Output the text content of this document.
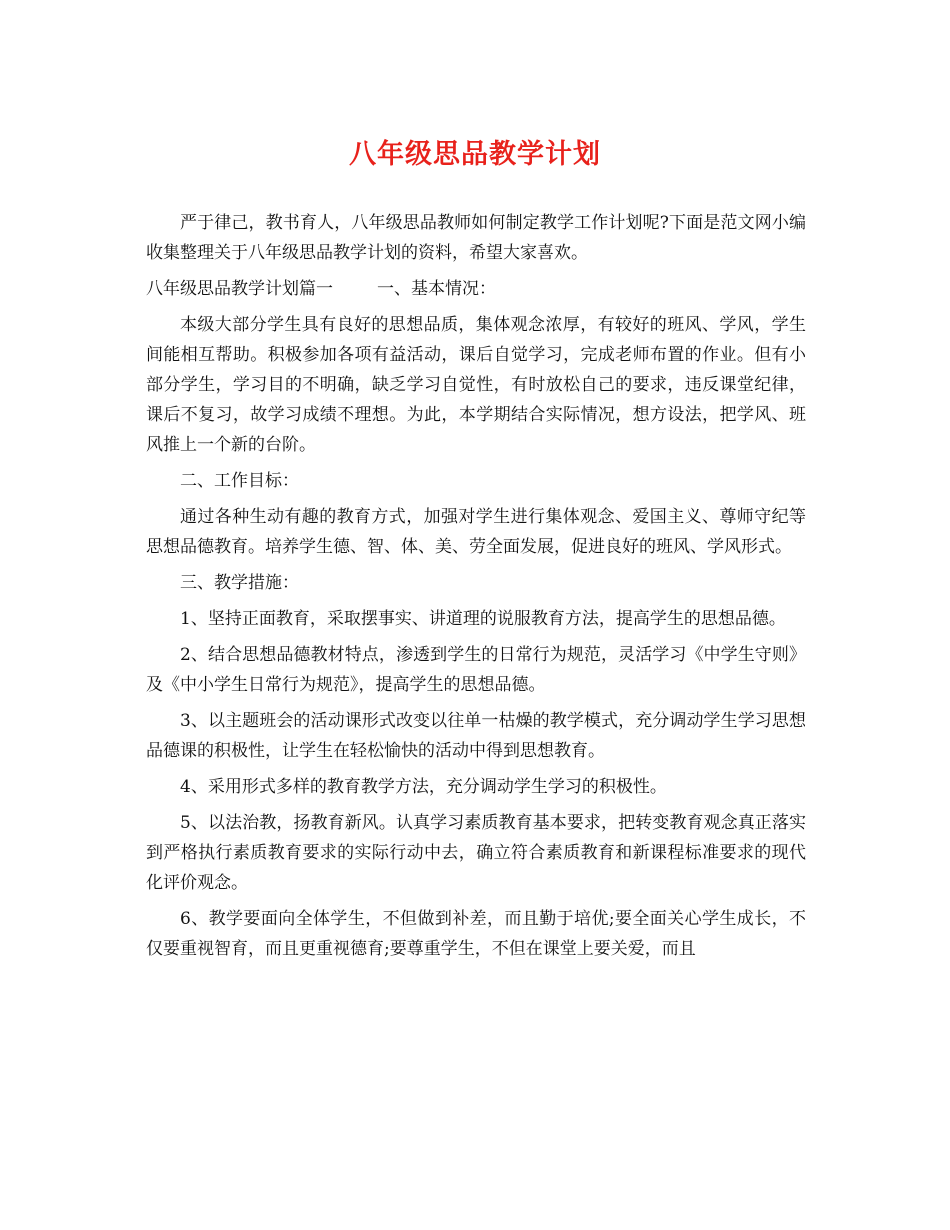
八年级思品教学计划

严于律己，教书育人，八年级思品教师如何制定教学工作计划呢?下面是范文网小编收集整理关于八年级思品教学计划的资料，希望大家喜欢。

八年级思品教学计划篇一	一、基本情况：

本级大部分学生具有良好的思想品质，集体观念浓厚，有较好的班风、学风，学生间能相互帮助。积极参加各项有益活动，课后自觉学习，完成老师布置的作业。但有小部分学生，学习目的不明确，缺乏学习自觉性，有时放松自己的要求，违反课堂纪律，课后不复习，故学习成绩不理想。为此，本学期结合实际情况，想方设法，把学风、班风推上一个新的台阶。

二、工作目标：

通过各种生动有趣的教育方式，加强对学生进行集体观念、爱国主义、尊师守纪等思想品德教育。培养学生德、智、体、美、劳全面发展，促进良好的班风、学风形式。

三、教学措施：

1、坚持正面教育，采取摆事实、讲道理的说服教育方法，提高学生的思想品德。

2、结合思想品德教材特点，渗透到学生的日常行为规范，灵活学习《中学生守则》及《中小学生日常行为规范》，提高学生的思想品德。

3、以主题班会的活动课形式改变以往单一枯燥的教学模式，充分调动学生学习思想品德课的积极性，让学生在轻松愉快的活动中得到思想教育。

4、采用形式多样的教育教学方法，充分调动学生学习的积极性。

5、以法治教，扬教育新风。认真学习素质教育基本要求，把转变教育观念真正落实到严格执行素质教育要求的实际行动中去，确立符合素质教育和新课程标准要求的现代化评价观念。

6、教学要面向全体学生，不但做到补差，而且勤于培优;要全面关心学生成长，不仅要重视智育，而且更重视德育;要尊重学生，不但在课堂上要关爱，而且
